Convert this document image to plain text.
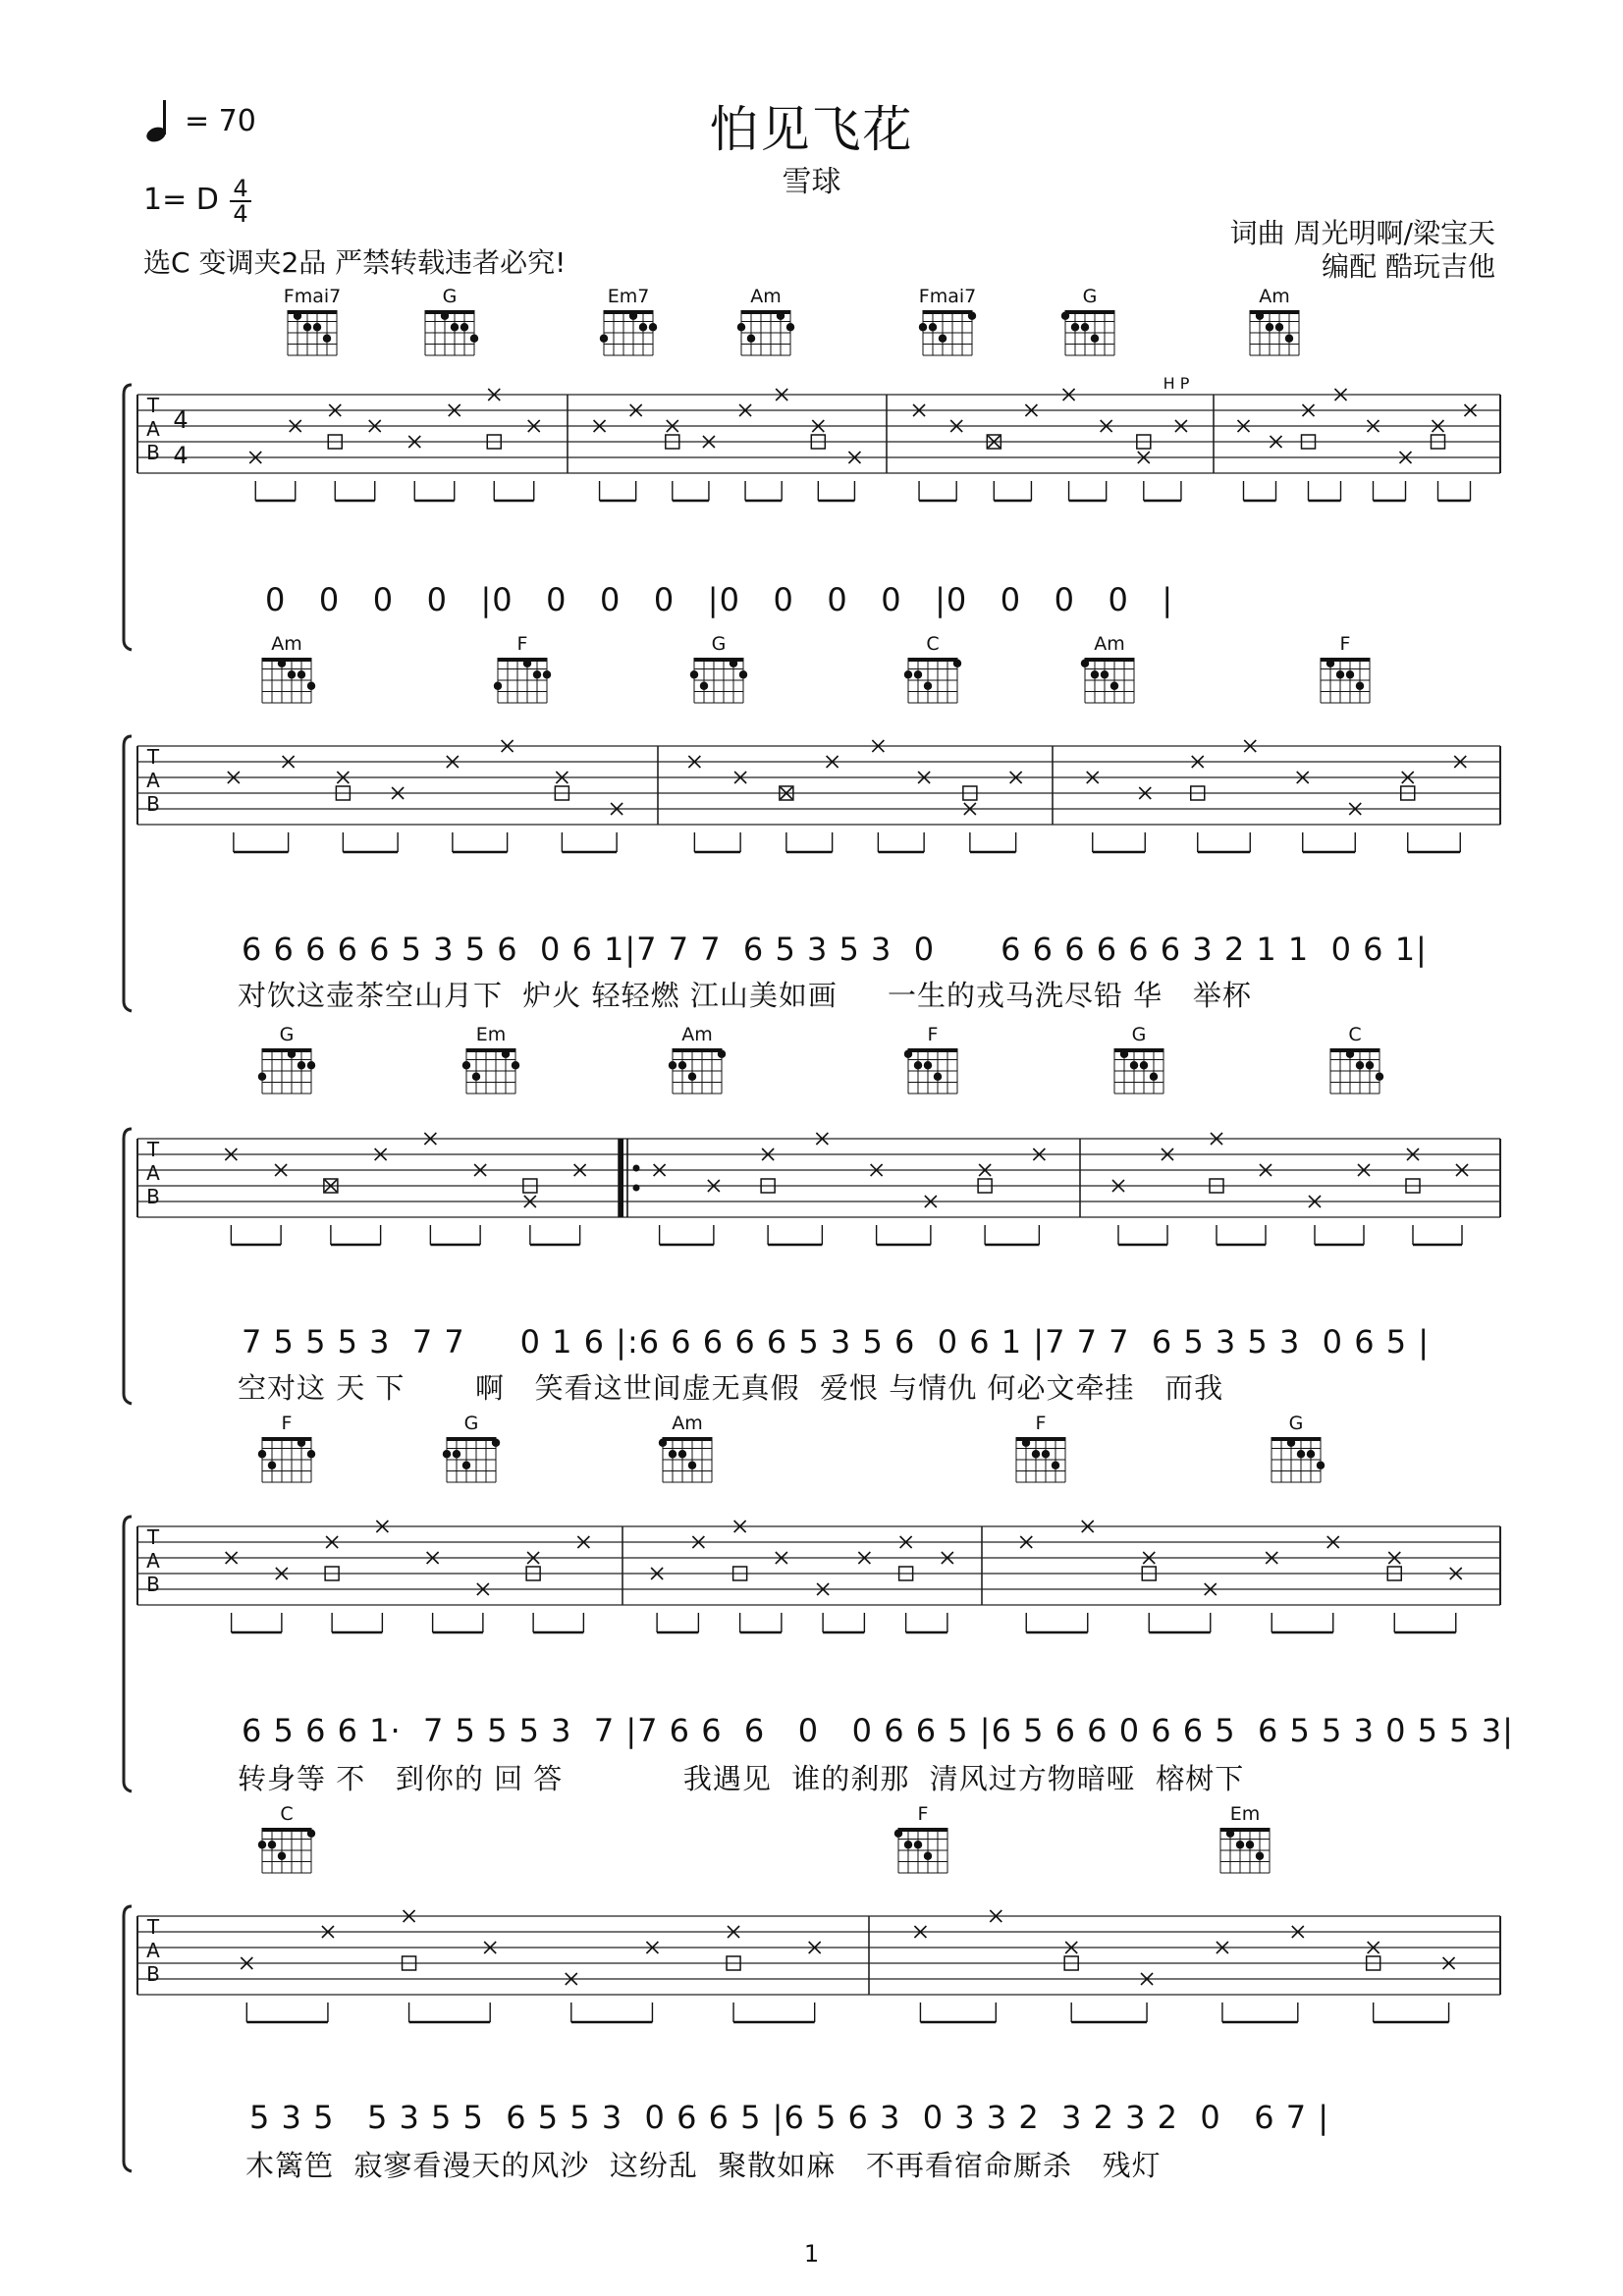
= 70	怕见飞花
雪球
1= D 4
4
选C 变调夹2品 严禁转载违者必究!
词曲 周光明啊/梁宝天
编配 酷玩吉他
T
A
B
4
4
Fmai7	G	Em7	Am	Fmai7	G	Am
H P
T
A
B
Am	F	G	C	Am	F
T
A
B
G	Em	Am	F	G	C
T
A
B
F	G	Am	F	G
T
A
B
C	F	Em
0   0   0   0   |0   0   0   0   |0   0   0   0   |0   0   0   0   |
6 6 6 6 6 5 3 5 6  0 6 1|7 7 7  6 5 3 5 3  0      6 6 6 6 6 6 3 2 1 1  0 6 1|
对饮这壶茶空山月下  炉火 轻轻燃 江山美如画     一生的戎马洗尽铅 华   举杯
7 5 5 5 3  7 7     0 1 6 |:6 6 6 6 6 5 3 5 6  0 6 1 |7 7 7  6 5 3 5 3  0 6 5 |
空对这 天 下       啊   笑看这世间虚无真假  爱恨 与情仇 何必文牵挂   而我
6 5 6 6 1·  7 5 5 5 3  7 |7 6 6  6   0   0 6 6 5 |6 5 6 6 0 6 6 5  6 5 5 3 0 5 5 3|
转身等 不   到你的 回 答            我遇见  谁的刹那  清风过方物暗哑  榕树下
5 3 5   5 3 5 5  6 5 5 3  0 6 6 5 |6 5 6 3  0 3 3 2  3 2 3 2  0   6 7 |
木篱笆  寂寥看漫天的风沙  这纷乱  聚散如麻   不再看宿命厮杀   残灯
1
